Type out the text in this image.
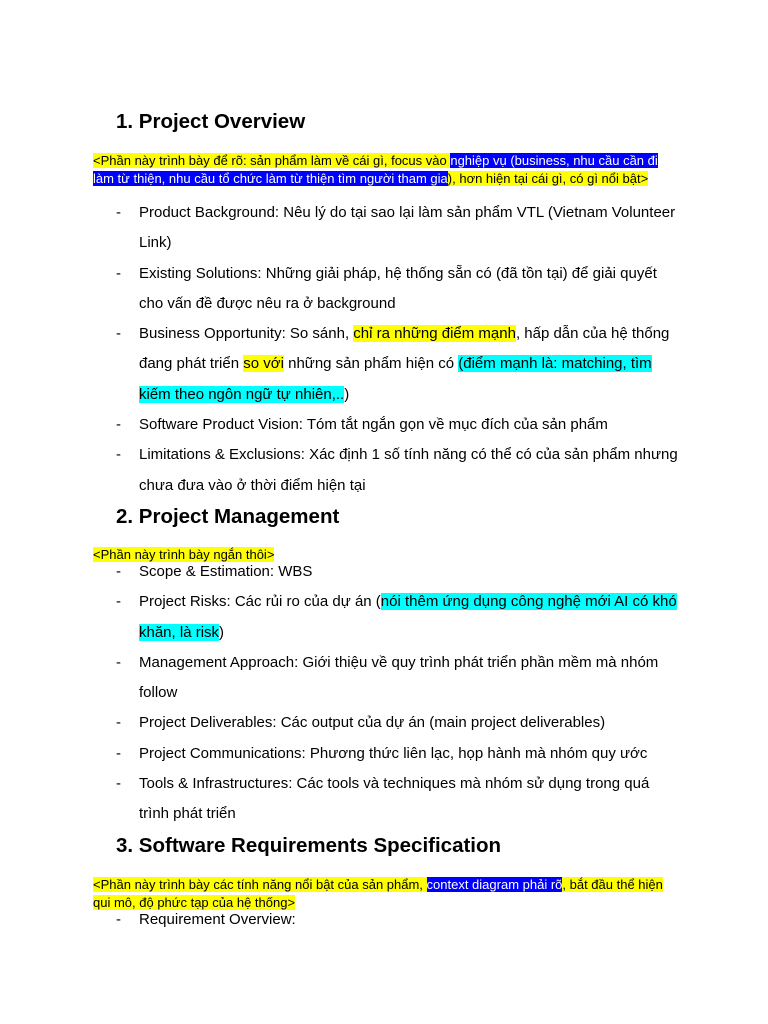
1. Project Overview

<Phần này trình bày để rõ: sản phẩm làm về cái gì, focus vào nghiệp vụ (business, nhu cầu cần đi làm từ thiện, nhu cầu tổ chức làm từ thiện tìm người tham gia), hơn hiện tại cái gì, có gì nổi bật>

- Product Background: Nêu lý do tại sao lại làm sản phẩm VTL (Vietnam Volunteer Link)
- Existing Solutions: Những giải pháp, hệ thống sẵn có (đã tồn tại) để giải quyết cho vấn đề được nêu ra ở background
- Business Opportunity: So sánh, chỉ ra những điểm mạnh, hấp dẫn của hệ thống đang phát triển so với những sản phẩm hiện có (điểm mạnh là: matching, tìm kiếm theo ngôn ngữ tự nhiên,..)
- Software Product Vision: Tóm tắt ngắn gọn về mục đích của sản phẩm
- Limitations & Exclusions: Xác định 1 số tính năng có thể có của sản phẩm nhưng chưa đưa vào ở thời điểm hiện tại
2. Project Management

<Phần này trình bày ngắn thôi>

- Scope & Estimation: WBS
- Project Risks: Các rủi ro của dự án (nói thêm ứng dụng công nghệ mới AI có khó khăn, là risk)
- Management Approach: Giới thiệu về quy trình phát triển phần mềm mà nhóm follow
- Project Deliverables: Các output của dự án (main project deliverables)
- Project Communications: Phương thức liên lạc, họp hành mà nhóm quy ước
- Tools & Infrastructures: Các tools và techniques mà nhóm sử dụng trong quá trình phát triển
3. Software Requirements Specification

<Phần này trình bày các tính năng nổi bật của sản phẩm, context diagram phải rõ, bắt đầu thể hiện qui mô, độ phức tạp của hệ thống>

- Requirement Overview:
